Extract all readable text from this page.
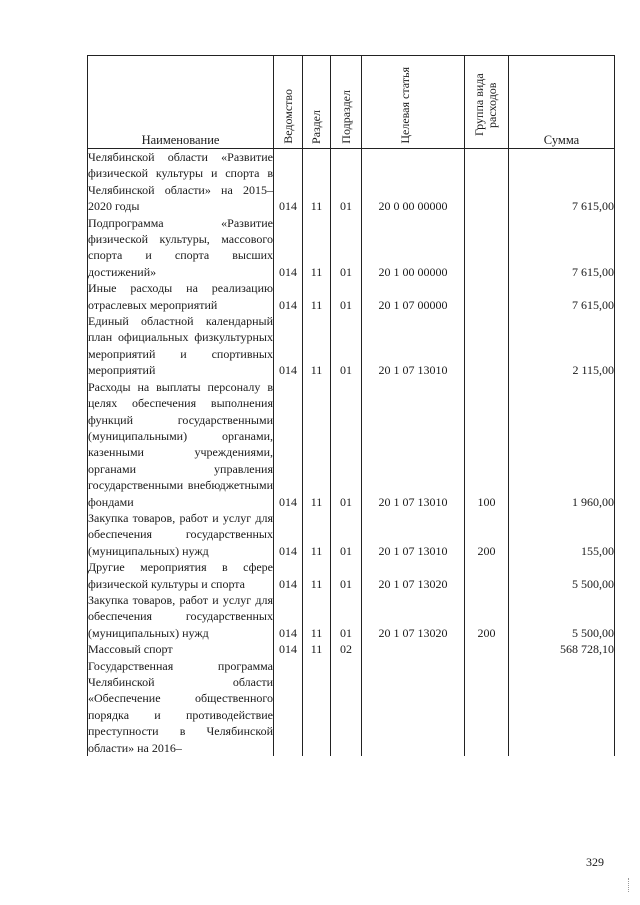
Наименование	Ведомство	Раздел	Подраздел	Целевая статья	Группа вида расходов	Сумма
Челябинской области «Развитие физической культуры и спорта в Челябинской области» на 2015–2020 годы	014	11	01	20 0 00 00000		7 615,00
Подпрограмма «Развитие физической культуры, массового спорта и спорта высших достижений»	014	11	01	20 1 00 00000		7 615,00
Иные расходы на реализацию отраслевых мероприятий	014	11	01	20 1 07 00000		7 615,00
Единый областной календарный план официальных физкультурных мероприятий и спортивных мероприятий	014	11	01	20 1 07 13010		2 115,00
Расходы на выплаты персоналу в целях обеспечения выполнения функций государственными (муниципальными) органами, казенными учреждениями, органами управления государственными внебюджетными фондами	014	11	01	20 1 07 13010	100	1 960,00
Закупка товаров, работ и услуг для обеспечения государственных (муниципальных) нужд	014	11	01	20 1 07 13010	200	155,00
Другие мероприятия в сфере физической культуры и спорта	014	11	01	20 1 07 13020		5 500,00
Закупка товаров, работ и услуг для обеспечения государственных (муниципальных) нужд	014	11	01	20 1 07 13020	200	5 500,00
Массовый спорт	014	11	02			568 728,10
Государственная программа Челябинской области «Обеспечение общественного порядка и противодействие преступности в Челябинской области» на 2016–						
329
